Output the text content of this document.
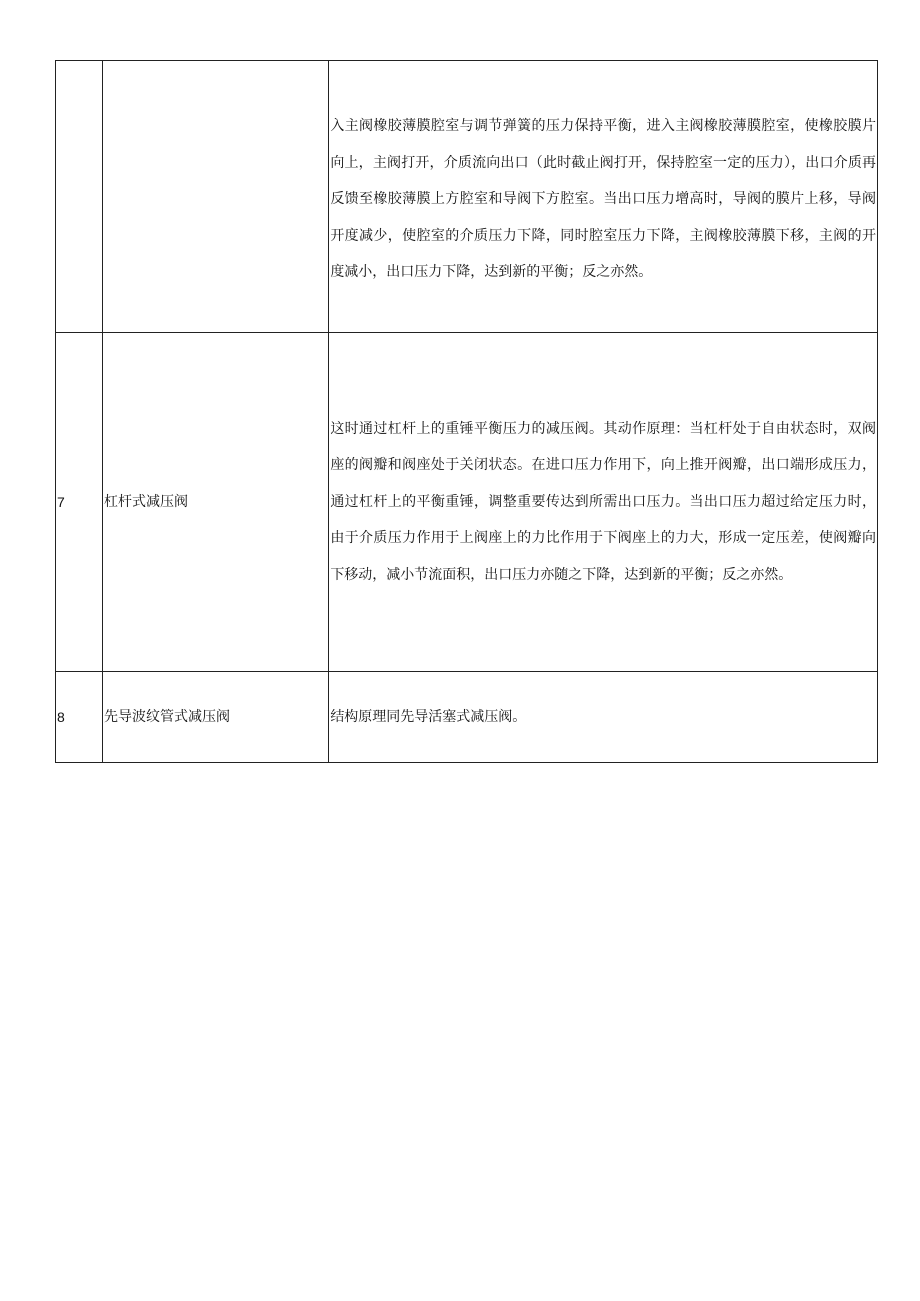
		入主阀橡胶薄膜腔室与调节弹簧的压力保持平衡，进入主阀橡胶薄膜腔室，使橡胶膜片向上，主阀打开，介质流向出口（此时截止阀打开，保持腔室一定的压力），出口介质再反馈至橡胶薄膜上方腔室和导阀下方腔室。当出口压力增高时，导阀的膜片上移，导阀开度减少，使腔室的介质压力下降，同时腔室压力下降，主阀橡胶薄膜下移，主阀的开度减小，出口压力下降，达到新的平衡；反之亦然。

7	杠杆式减压阀	这时通过杠杆上的重锤平衡压力的减压阀。其动作原理：当杠杆处于自由状态时，双阀座的阀瓣和阀座处于关闭状态。在进口压力作用下，向上推开阀瓣，出口端形成压力，通过杠杆上的平衡重锤，调整重要传达到所需出口压力。当出口压力超过给定压力时，由于介质压力作用于上阀座上的力比作用于下阀座上的力大，形成一定压差，使阀瓣向下移动，减小节流面积，出口压力亦随之下降，达到新的平衡；反之亦然。

8	先导波纹管式减压阀	结构原理同先导活塞式减压阀。
